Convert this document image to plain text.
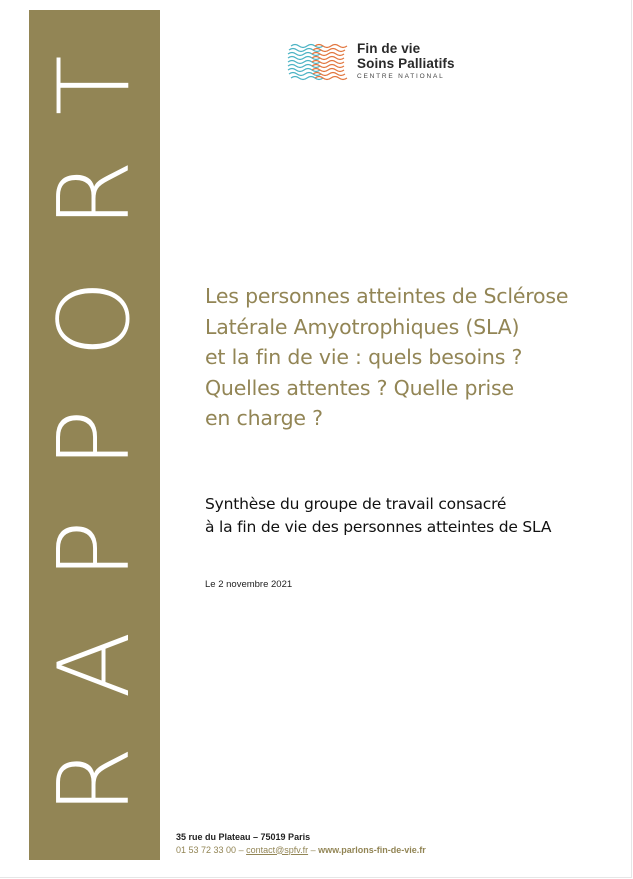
RAPPORT	Fin de vie
Soins Palliatifs
CENTRE NATIONAL
Les personnes atteintes de Sclérose
Latérale Amyotrophiques (SLA)
et la fin de vie : quels besoins ?
Quelles attentes ? Quelle prise
en charge ?
Synthèse du groupe de travail consacré
à la fin de vie des personnes atteintes de SLA
Le 2 novembre 2021
35 rue du Plateau – 75019 Paris
01 53 72 33 00 – contact@spfv.fr – www.parlons-fin-de-vie.fr
